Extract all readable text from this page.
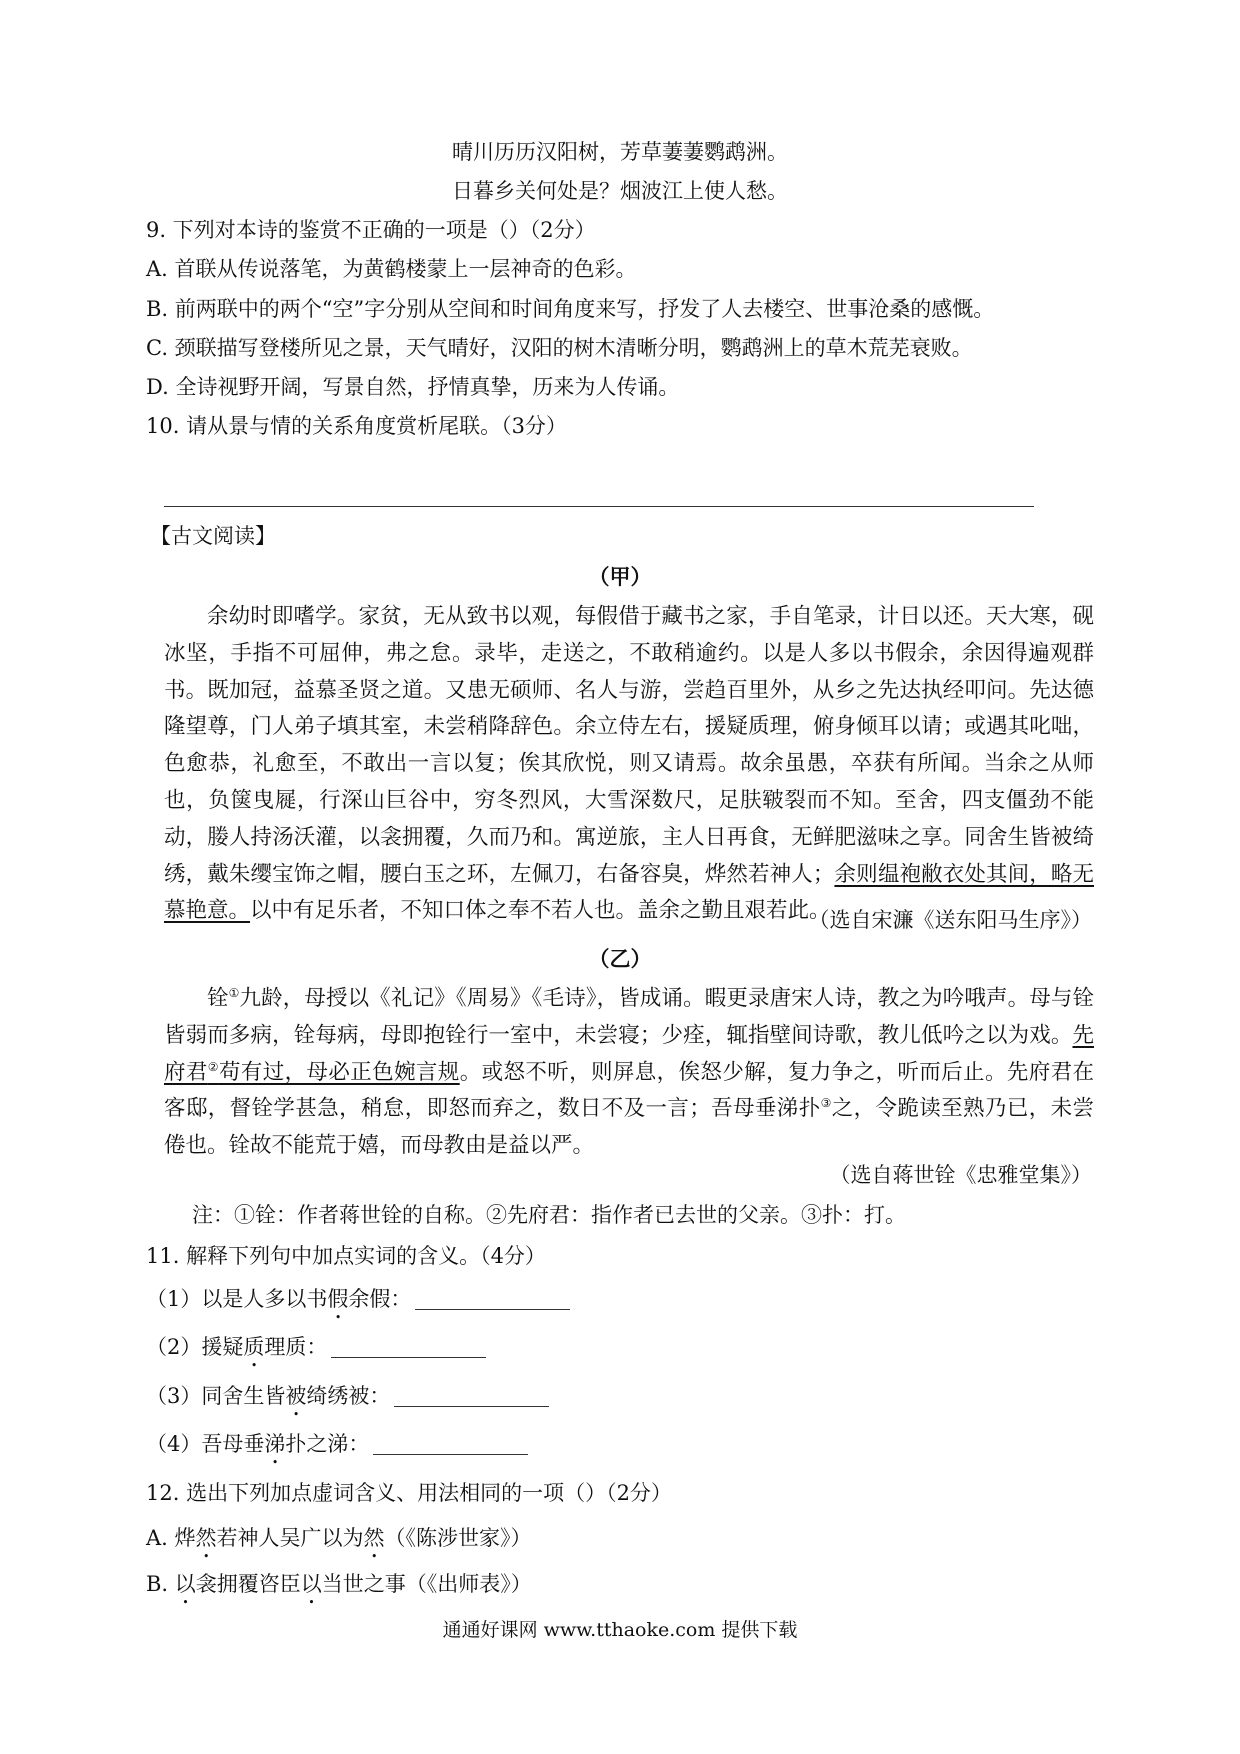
晴川历历汉阳树，芳草萋萋鹦鹉洲。
日暮乡关何处是？烟波江上使人愁。
9. 下列对本诗的鉴赏不正确的一项是（）（2分）
A. 首联从传说落笔，为黄鹤楼蒙上一层神奇的色彩。
B. 前两联中的两个“空”字分别从空间和时间角度来写，抒发了人去楼空、世事沧桑的感慨。
C. 颈联描写登楼所见之景，天气晴好，汉阳的树木清晰分明，鹦鹉洲上的草木荒芜衰败。
D. 全诗视野开阔，写景自然，抒情真挚，历来为人传诵。
10. 请从景与情的关系角度赏析尾联。（3分）
【古文阅读】
（甲）
余幼时即嗜学。家贫，无从致书以观，每假借于藏书之家，手自笔录，计日以还。天大寒，砚冰坚，手指不可屈伸，弗之怠。录毕，走送之，不敢稍逾约。以是人多以书假余，余因得遍观群书。既加冠，益慕圣贤之道。又患无硕师、名人与游，尝趋百里外，从乡之先达执经叩问。先达德隆望尊，门人弟子填其室，未尝稍降辞色。余立侍左右，援疑质理，俯身倾耳以请；或遇其叱咄，色愈恭，礼愈至，不敢出一言以复；俟其欣悦，则又请焉。故余虽愚，卒获有所闻。当余之从师也，负箧曳屣，行深山巨谷中，穷冬烈风，大雪深数尺，足肤皲裂而不知。至舍，四支僵劲不能动，媵人持汤沃灌，以衾拥覆，久而乃和。寓逆旅，主人日再食，无鲜肥滋味之享。同舍生皆被绮绣，戴朱缨宝饰之帽，腰白玉之环，左佩刀，右备容臭，烨然若神人；余则缊袍敝衣处其间，略无慕艳意。以中有足乐者，不知口体之奉不若人也。盖余之勤且艰若此。
（选自宋濂《送东阳马生序》）
（乙）
铨①九龄，母授以《礼记》《周易》《毛诗》，皆成诵。暇更录唐宋人诗，教之为吟哦声。母与铨皆弱而多病，铨每病，母即抱铨行一室中，未尝寝；少痊，辄指壁间诗歌，教儿低吟之以为戏。先府君②苟有过，母必正色婉言规。或怒不听，则屏息，俟怒少解，复力争之，听而后止。先府君在客邸，督铨学甚急，稍怠，即怒而弃之，数日不及一言；吾母垂涕扑③之，令跪读至熟乃已，未尝倦也。铨故不能荒于嬉，而母教由是益以严。
（选自蒋世铨《忠雅堂集》）
注：①铨：作者蒋世铨的自称。②先府君：指作者已去世的父亲。③扑：打。
11. 解释下列句中加点实词的含义。（4分）
（1）以是人多以书假余假：
（2）援疑质理质：
（3）同舍生皆被绮绣被：
（4）吾母垂涕扑之涕：
12. 选出下列加点虚词含义、用法相同的一项（）（2分）
A. 烨然若神人吴广以为然（《陈涉世家》）
B. 以衾拥覆咨臣以当世之事（《出师表》）
通通好课网 www.tthaoke.com 提供下载
